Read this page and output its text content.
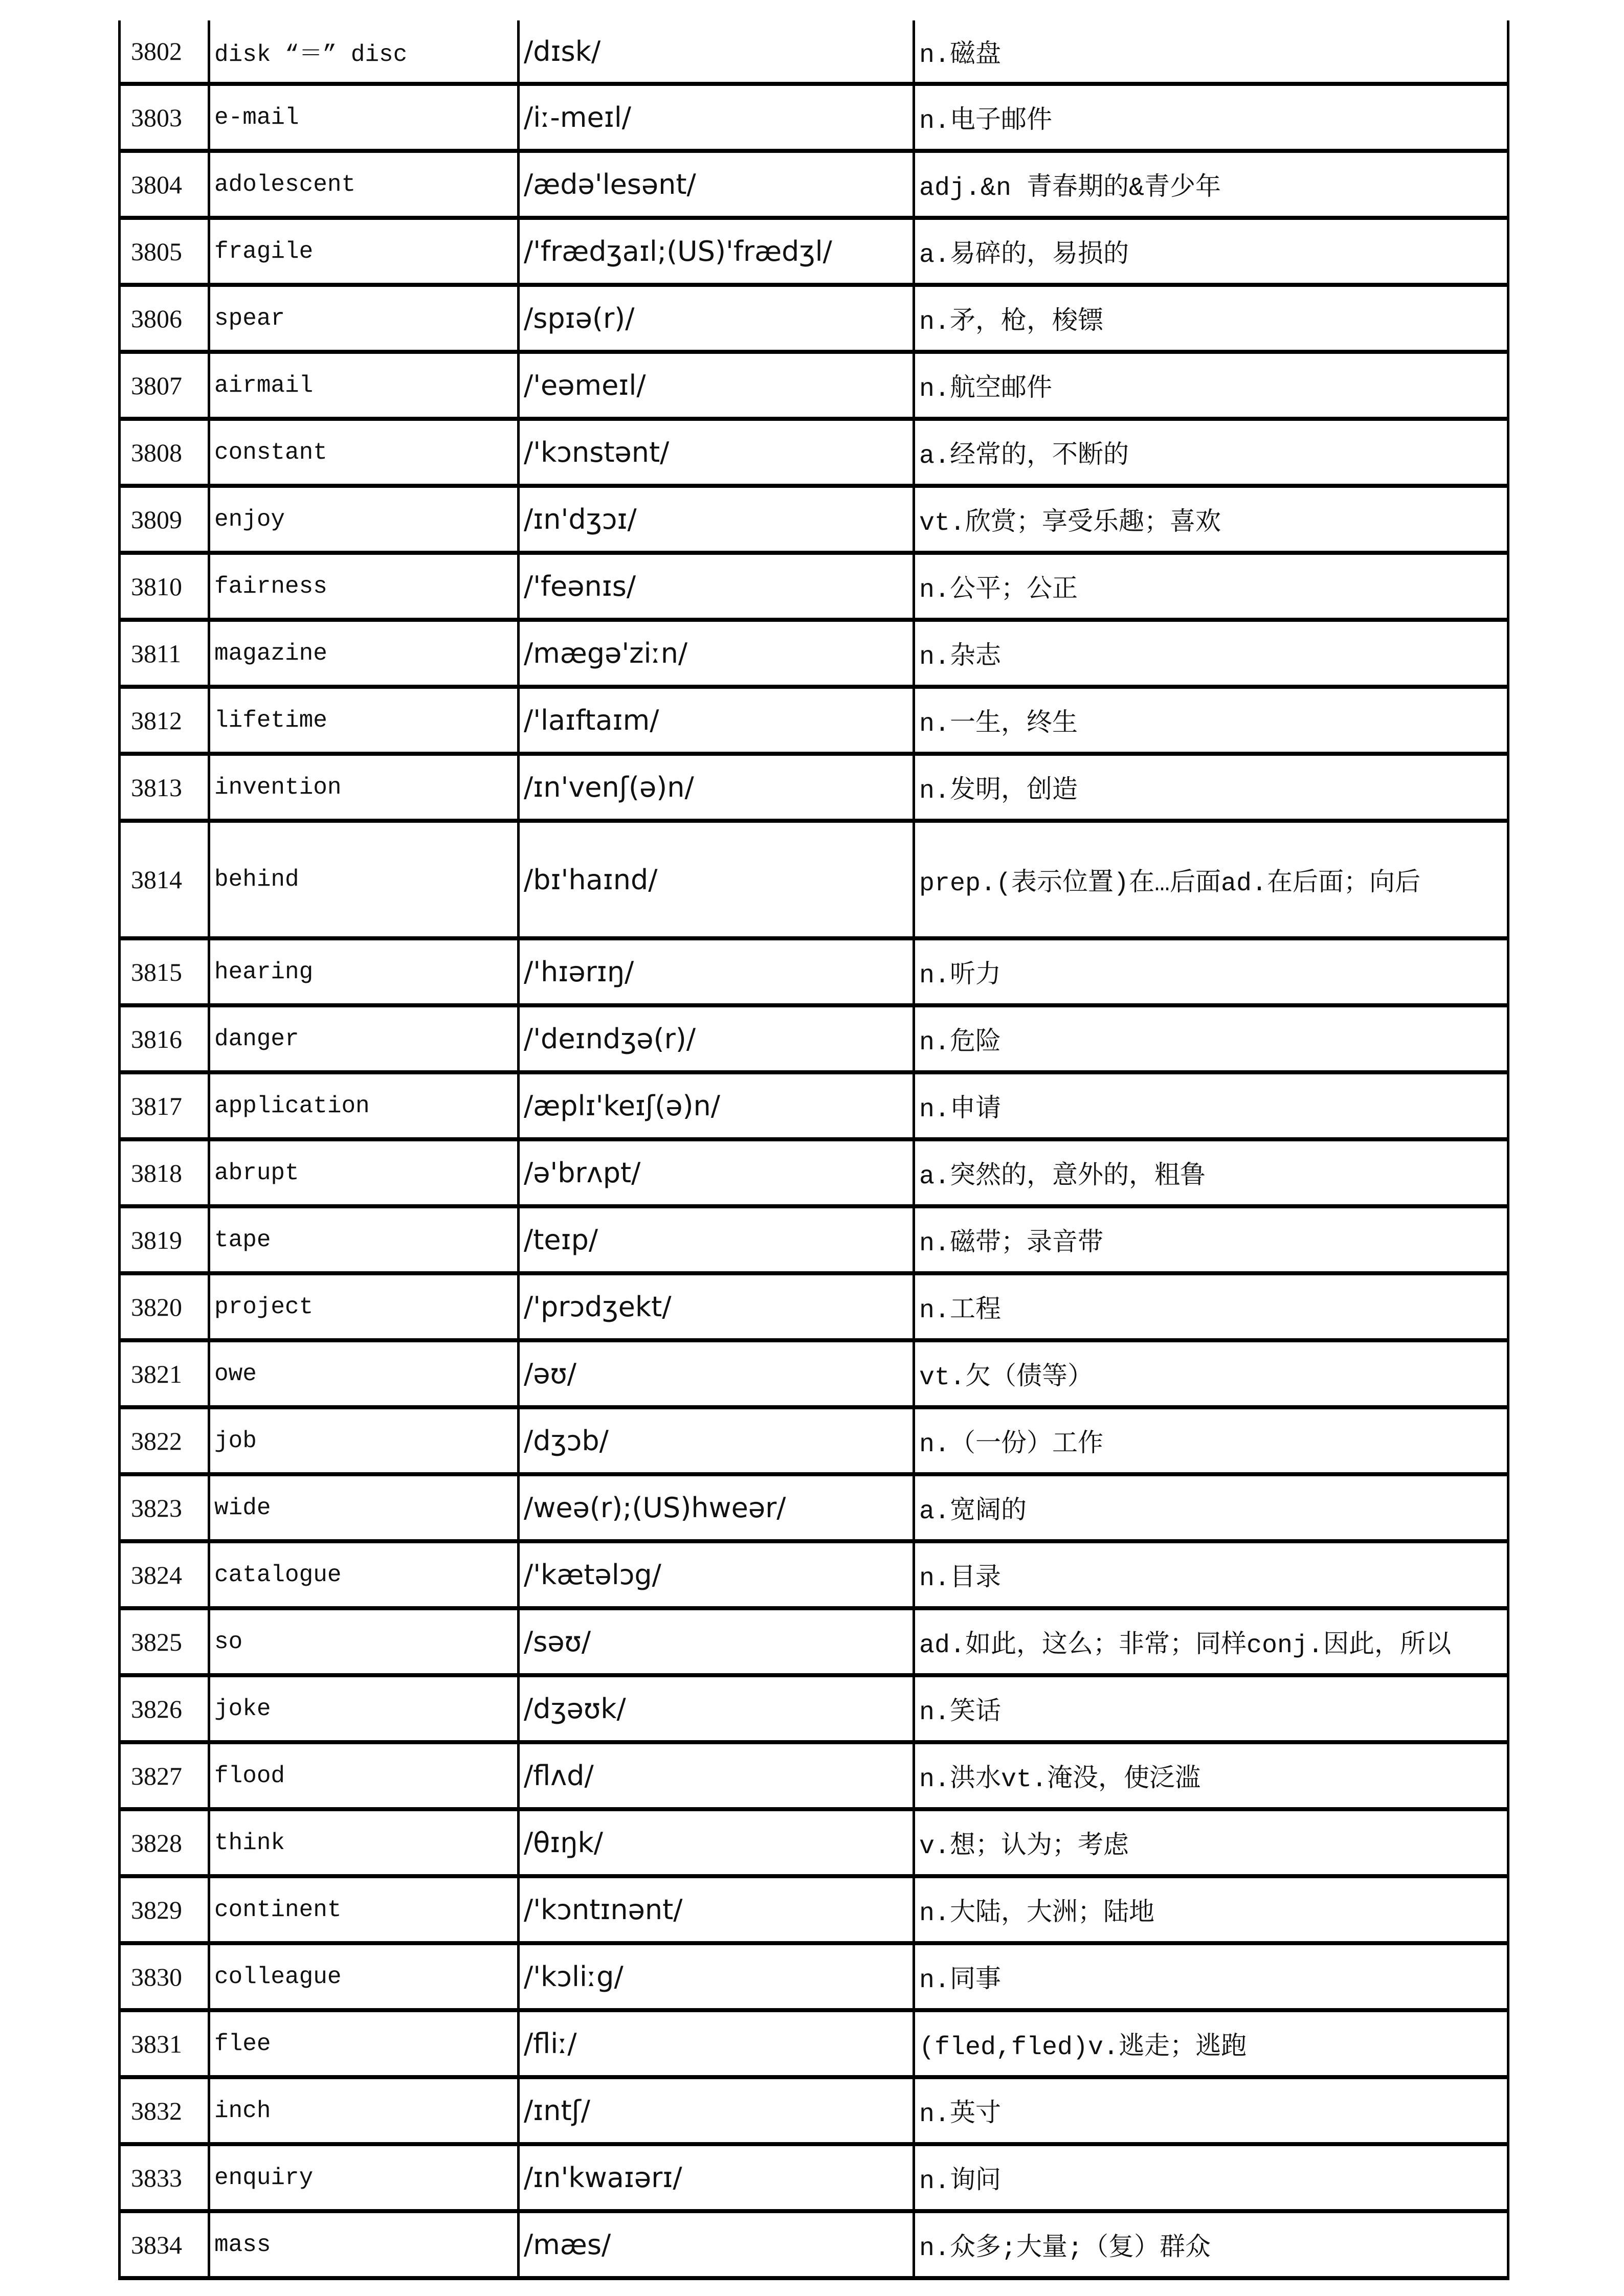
3802	disk “＝” disc	/dɪsk/	n.磁盘
3803	e-mail	/iː-meɪl/	n.电子邮件
3804	adolescent	/ædə'lesənt/	adj.&n 青春期的&青少年
3805	fragile	/'frædʒaɪl;(US)'frædʒl/	a.易碎的，易损的
3806	spear	/spɪə(r)/	n.矛，枪，梭镖
3807	airmail	/'eəmeɪl/	n.航空邮件
3808	constant	/'kɔnstənt/	a.经常的，不断的
3809	enjoy	/ɪn'dʒɔɪ/	vt.欣赏；享受乐趣；喜欢
3810	fairness	/'feənɪs/	n.公平；公正
3811	magazine	/mægə'ziːn/	n.杂志
3812	lifetime	/'laɪftaɪm/	n.一生，终生
3813	invention	/ɪn'venʃ(ə)n/	n.发明，创造
3814	behind	/bɪ'haɪnd/	prep.(表示位置)在…后面ad.在后面；向后
3815	hearing	/'hɪərɪŋ/	n.听力
3816	danger	/'deɪndʒə(r)/	n.危险
3817	application	/æplɪ'keɪʃ(ə)n/	n.申请
3818	abrupt	/ə'brʌpt/	a.突然的，意外的，粗鲁
3819	tape	/teɪp/	n.磁带；录音带
3820	project	/'prɔdʒekt/	n.工程
3821	owe	/əʊ/	vt.欠（债等）
3822	job	/dʒɔb/	n.（一份）工作
3823	wide	/weə(r);(US)hweər/	a.宽阔的
3824	catalogue	/'kætəlɔg/	n.目录
3825	so	/səʊ/	ad.如此，这么；非常；同样conj.因此，所以
3826	joke	/dʒəʊk/	n.笑话
3827	flood	/flʌd/	n.洪水vt.淹没，使泛滥
3828	think	/θɪŋk/	v.想；认为；考虑
3829	continent	/'kɔntɪnənt/	n.大陆，大洲；陆地
3830	colleague	/'kɔliːg/	n.同事
3831	flee	/fliː/	(fled,fled)v.逃走；逃跑
3832	inch	/ɪntʃ/	n.英寸
3833	enquiry	/ɪn'kwaɪərɪ/	n.询问
3834	mass	/mæs/	n.众多;大量;（复）群众
